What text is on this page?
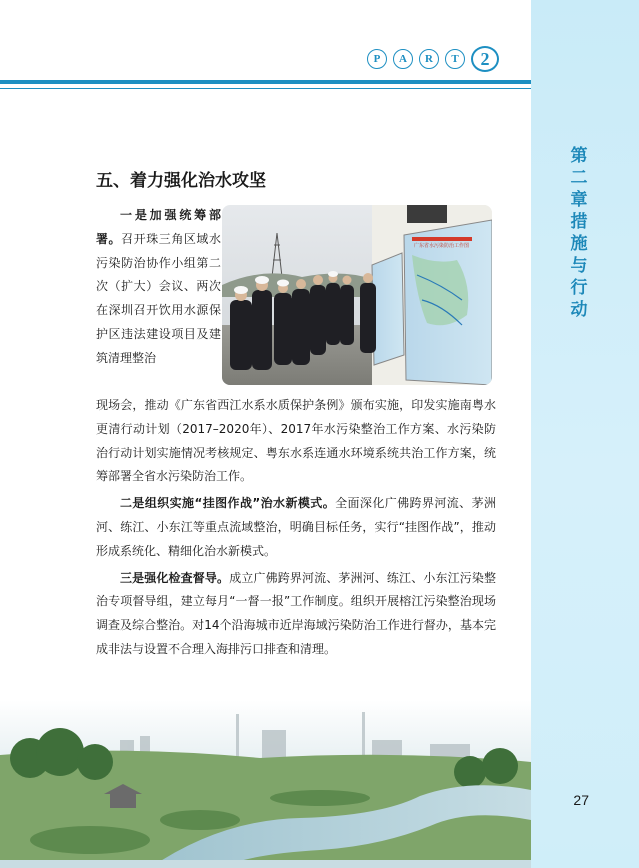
第二章 措施与行动
27
P	A	R	T	2
五、着力强化治水攻坚
广东省水污染防治工作图
一是加强统筹部署。召开珠三角区域水污染防治协作小组第二次（扩大）会议、两次在深圳召开饮用水源保护区违法建设项目及建筑清理整治

现场会，推动《广东省西江水系水质保护条例》颁布实施，印发实施南粤水更清行动计划（2017–2020年）、2017年水污染整治工作方案、水污染防治行动计划实施情况考核规定、粤东水系连通水环境系统共治工作方案，统筹部署全省水污染防治工作。

二是组织实施“挂图作战”治水新模式。全面深化广佛跨界河流、茅洲河、练江、小东江等重点流域整治，明确目标任务，实行“挂图作战”，推动形成系统化、精细化治水新模式。

三是强化检查督导。成立广佛跨界河流、茅洲河、练江、小东江污染整治专项督导组，建立每月“一督一报”工作制度。组织开展榕江污染整治现场调查及综合整治。对14个沿海城市近岸海域污染防治工作进行督办，基本完成非法与设置不合理入海排污口排查和清理。
